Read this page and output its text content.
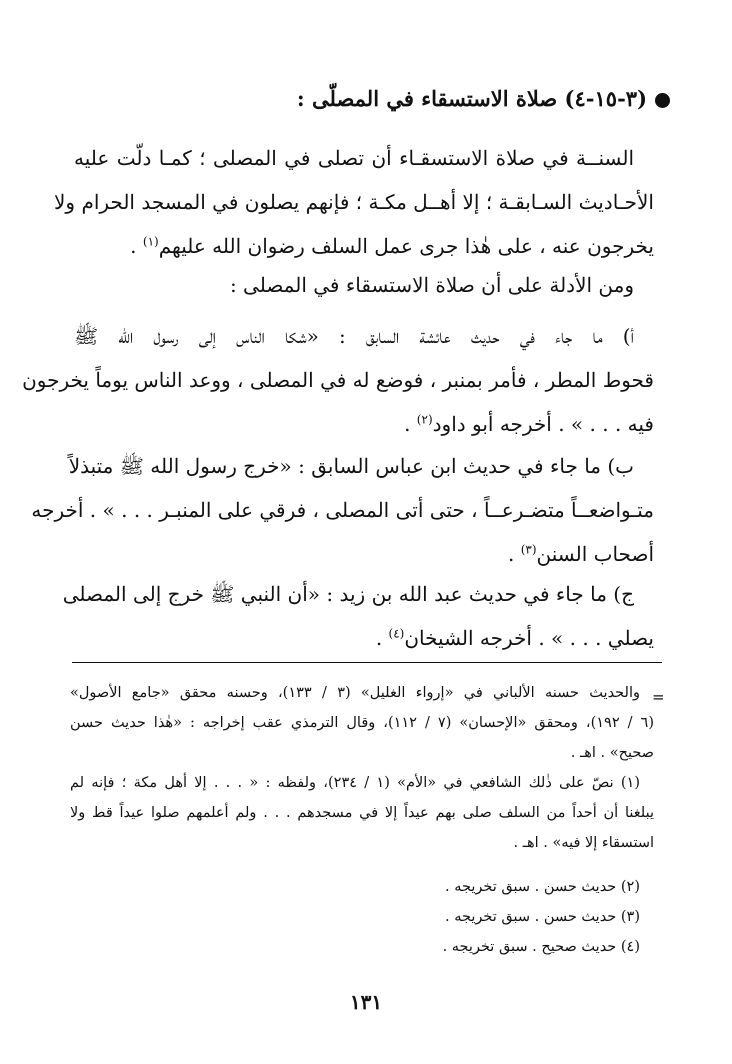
(٣-١٥-٤) صلاة الاستسقاء في المصلّى :
السنــة في صلاة الاستسقـاء أن تصلى في المصلى ؛ كمـا دلّت عليه
الأحـاديث السـابقـة ؛ إلا أهــل مكـة ؛ فإنهم يصلون في المسجد الحرام ولا
يخرجون عنه ، على هٰذا جرى عمل السلف رضوان الله عليهم$^{(١)}$ .
ومن الأدلة على أن صلاة الاستسقاء في المصلى :
أ) ما جاء في حديث عائشة السابق : «شكا الناس إلى رسول الله ﷺ
قحوط المطر ، فأمر بمنبر ، فوضع له في المصلى ، ووعد الناس يوماً يخرجون
فيه . . . » . أخرجه أبو داود$^{(٢)}$ .
ب) ما جاء في حديث ابن عباس السابق : «خرج رسول الله ﷺ متبذلاً
متـواضعــاً متضـرعــاً ، حتى أتى المصلى ، فرقي على المنبـر . . . » . أخرجه
أصحاب السنن$^{(٣)}$ .
ج) ما جاء في حديث عبد الله بن زيد : «أن النبي ﷺ خرج إلى المصلى
يصلي . . . » . أخرجه الشيخان$^{(٤)}$ .
=
والحديث حسنه الألباني في «إرواء الغليل» (٣ / ١٣٣)، وحسنه محقق «جامع الأصول»
(٦ / ١٩٢)، ومحقق «الإحسان» (٧ / ١١٢)، وقال الترمذي عقب إخراجه : «هٰذا حديث حسن
صحيح» . اهـ .
(١) نصّ على ذٰلك الشافعي في «الأم» (١ / ٢٣٤)، ولفظه : « . . . إلا أهل مكة ؛ فإنه لم
يبلغنا أن أحداً من السلف صلى بهم عيداً إلا في مسجدهم . . . ولم أعلمهم صلوا عيداً قط ولا
استسقاء إلا فيه» . اهـ .
(٢) حديث حسن . سبق تخريجه .
(٣) حديث حسن . سبق تخريجه .
(٤) حديث صحيح . سبق تخريجه .
١٣١
